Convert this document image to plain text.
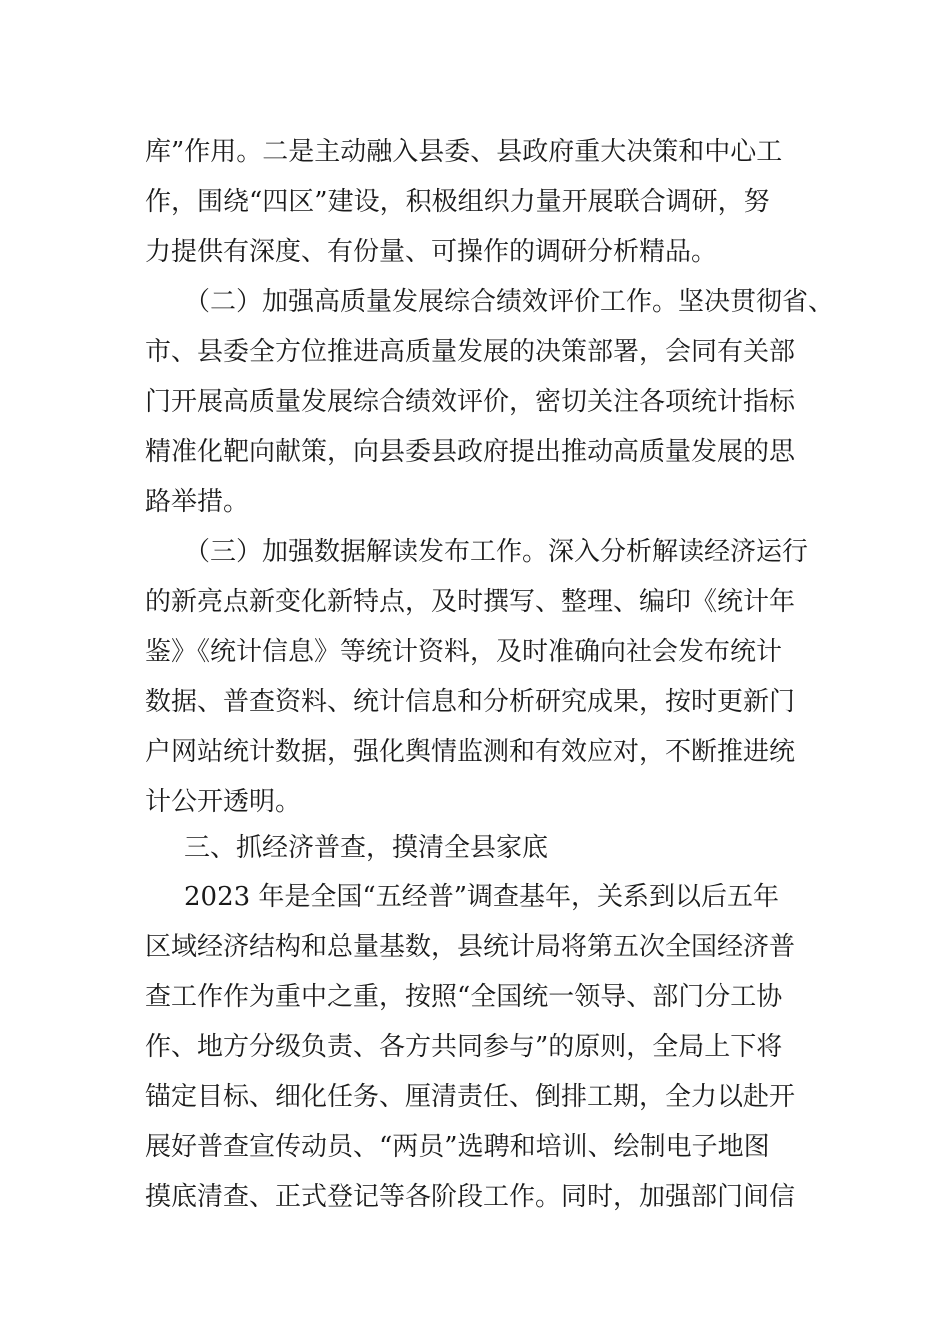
库”作用。二是主动融入县委、县政府重大决策和中心工
作，围绕“四区”建设，积极组织力量开展联合调研，努
力提供有深度、有份量、可操作的调研分析精品。
（二）加强高质量发展综合绩效评价工作。坚决贯彻省、
市、县委全方位推进高质量发展的决策部署，会同有关部
门开展高质量发展综合绩效评价，密切关注各项统计指标
精准化靶向献策，向县委县政府提出推动高质量发展的思
路举措。
（三）加强数据解读发布工作。深入分析解读经济运行
的新亮点新变化新特点，及时撰写、整理、编印《统计年
鉴》《统计信息》等统计资料，及时准确向社会发布统计
数据、普查资料、统计信息和分析研究成果，按时更新门
户网站统计数据，强化舆情监测和有效应对，不断推进统
计公开透明。
三、抓经济普查，摸清全县家底
2023 年是全国“五经普”调查基年，关系到以后五年
区域经济结构和总量基数，县统计局将第五次全国经济普
查工作作为重中之重，按照“全国统一领导、部门分工协
作、地方分级负责、各方共同参与”的原则，全局上下将
锚定目标、细化任务、厘清责任、倒排工期，全力以赴开
展好普查宣传动员、“两员”选聘和培训、绘制电子地图
摸底清查、正式登记等各阶段工作。同时，加强部门间信
